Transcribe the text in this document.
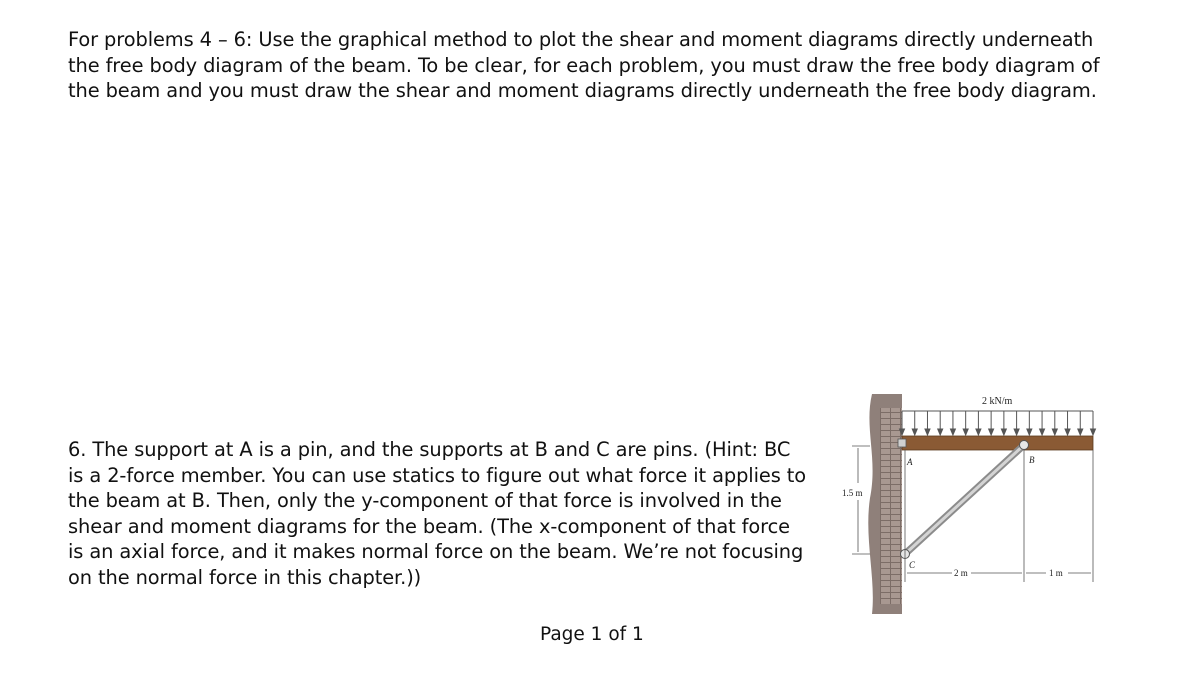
For problems 4 – 6: Use the graphical method to plot the shear and moment diagrams directly underneath the free body diagram of the beam. To be clear, for each problem, you must draw the free body diagram of the beam and you must draw the shear and moment diagrams directly underneath the free body diagram.

6. The support at A is a pin, and the supports at B and C are pins. (Hint: BC is a 2-force member. You can use statics to figure out what force it applies to the beam at B. Then, only the y-component of that force is involved in the shear and moment diagrams for the beam. (The x-component of that force is an axial force, and it makes normal force on the beam. We’re not focusing on the normal force in this chapter.))

2 kN/m
A	B
C
1.5 m
2 m	1 m

Page 1 of 1
